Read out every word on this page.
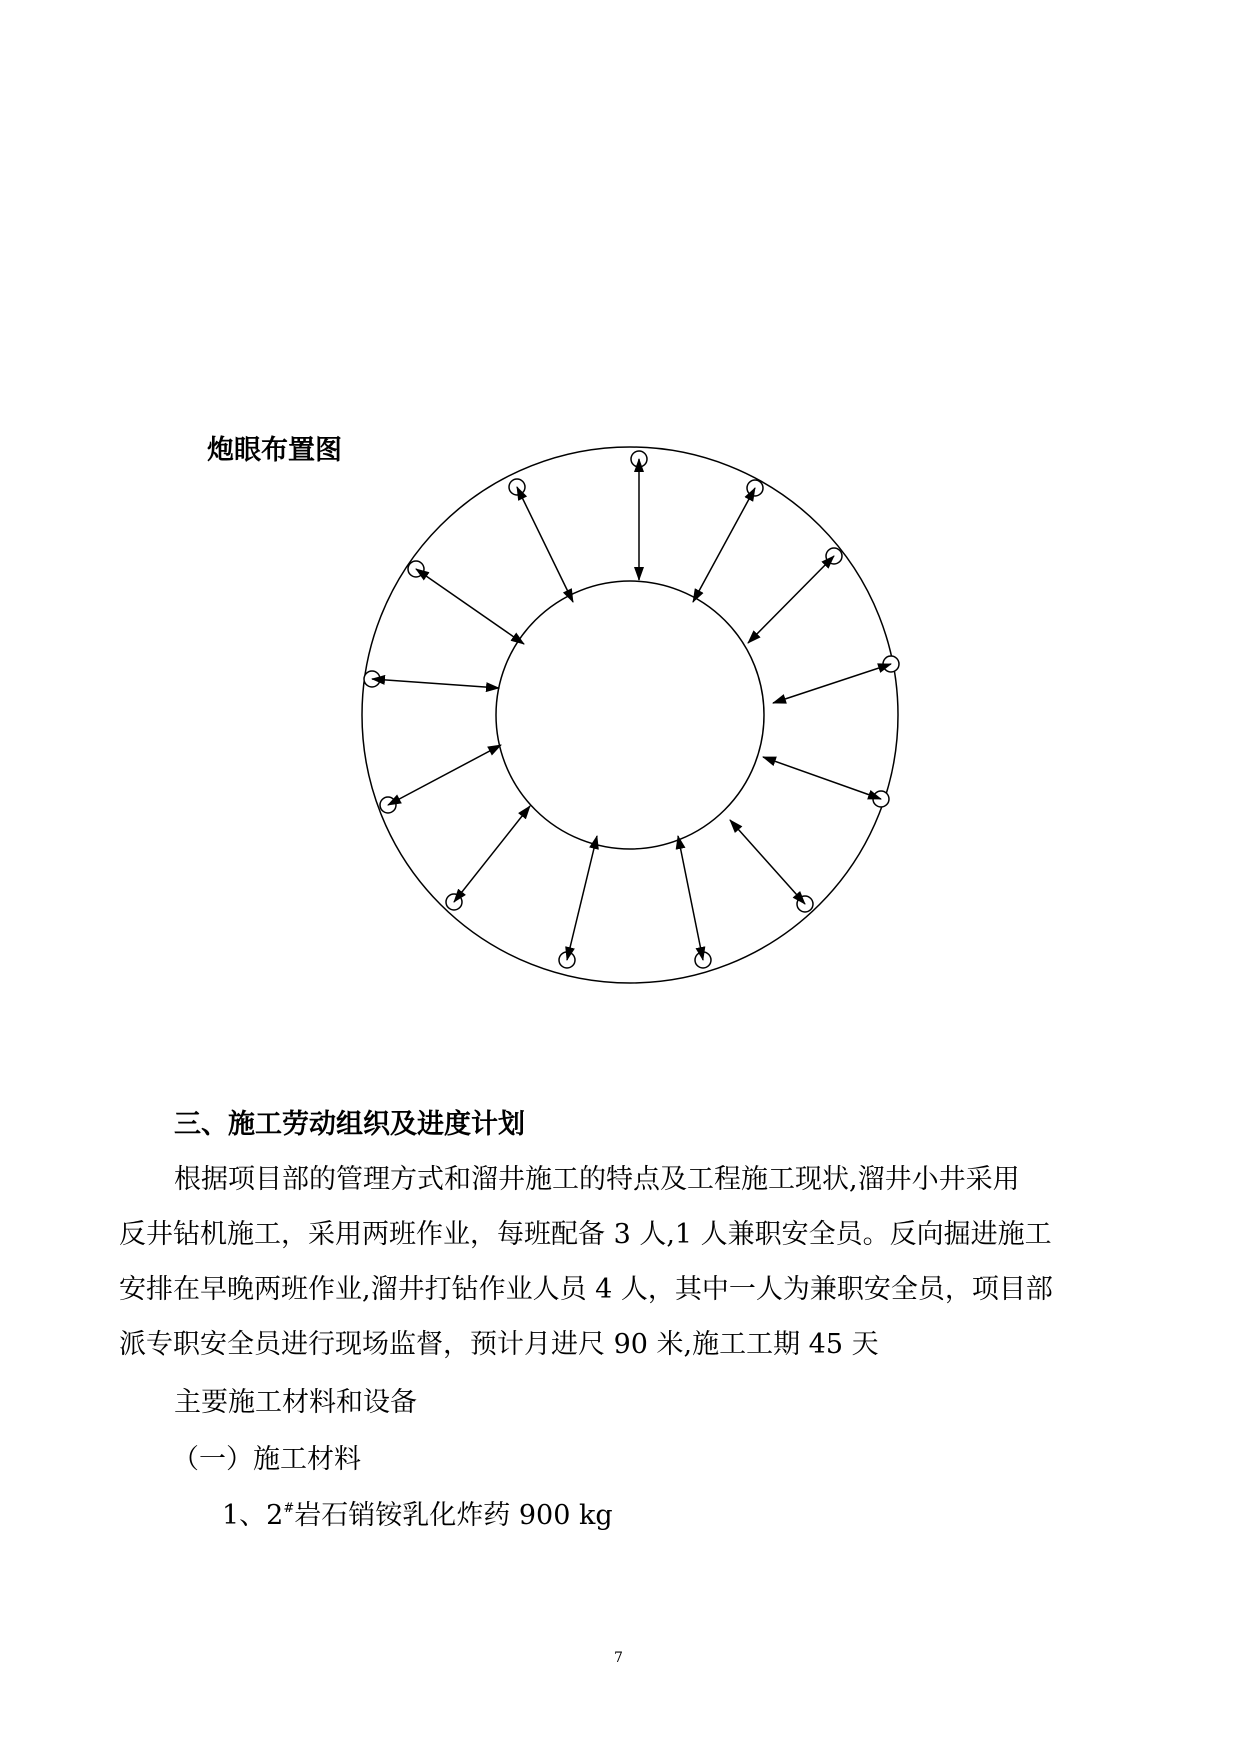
炮眼布置图
三、施工劳动组织及进度计划
根据项目部的管理方式和溜井施工的特点及工程施工现状,溜井小井采用
反井钻机施工，采用两班作业，每班配备 3 人,1 人兼职安全员。反向掘进施工
安排在早晚两班作业,溜井打钻作业人员 4 人，其中一人为兼职安全员，项目部
派专职安全员进行现场监督，预计月进尺 90 米,施工工期 45 天
主要施工材料和设备
（一）施工材料
1、2#岩石销铵乳化炸药 900 kg
7
